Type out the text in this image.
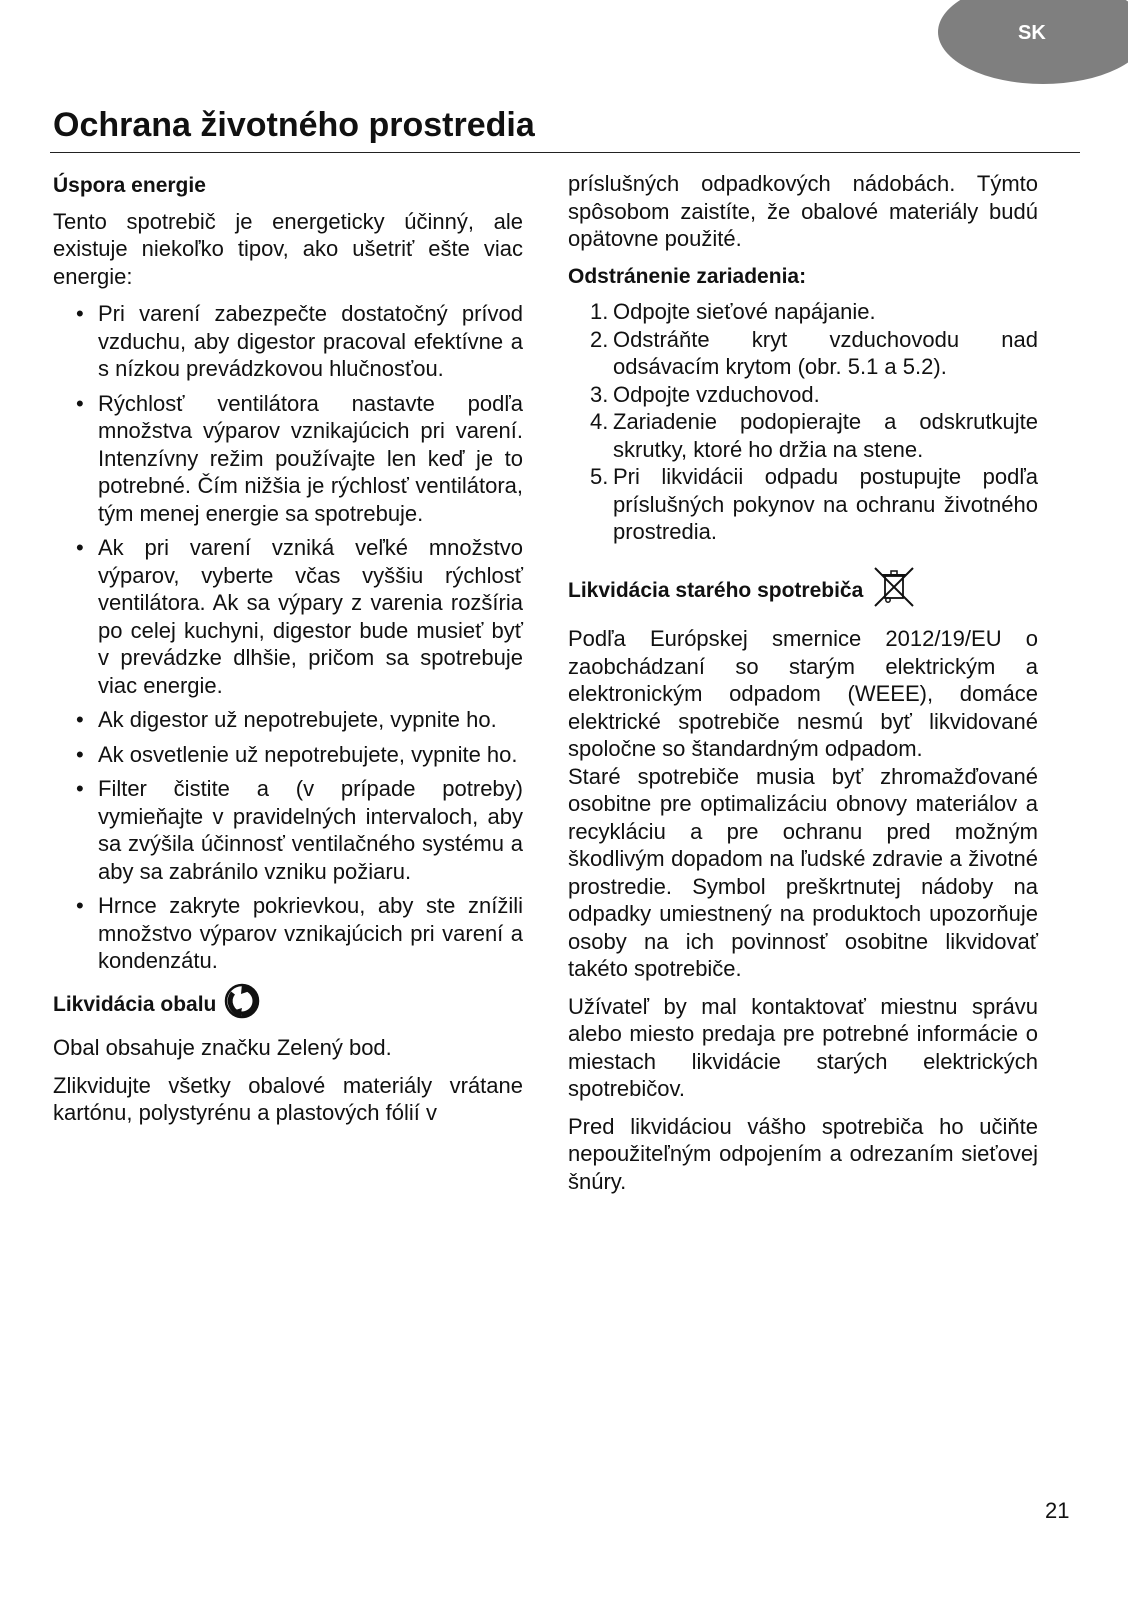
SK
Ochrana životného prostredia
Úspora energie

Tento spotrebič je energeticky účinný, ale existuje niekoľko tipov, ako ušetriť ešte viac energie:

• Pri varení zabezpečte dostatočný prívod vzduchu, aby digestor pracoval efektívne a s nízkou prevádzkovou hlučnosťou.
• Rýchlosť ventilátora nastavte podľa množstva výparov vznikajúcich pri varení. Intenzívny režim používajte len keď je to potrebné. Čím nižšia je rýchlosť ventilátora, tým menej energie sa spotrebuje.
• Ak pri varení vzniká veľké množstvo výparov, vyberte včas vyššiu rýchlosť ventilátora. Ak sa výpary z varenia rozšíria po celej kuchyni, digestor bude musieť byť v prevádzke dlhšie, pričom sa spotrebuje viac energie.
• Ak digestor už nepotrebujete, vypnite ho.
• Ak osvetlenie už nepotrebujete, vypnite ho.
• Filter čistite a (v prípade potreby) vymieňajte v pravidelných intervaloch, aby sa zvýšila účinnosť ventilačného systému a aby sa zabránilo vzniku požiaru.
• Hrnce zakryte pokrievkou, aby ste znížili množstvo výparov vznikajúcich pri varení a kondenzátu.
Likvidácia obalu

Obal obsahuje značku Zelený bod.

Zlikvidujte všetky obalové materiály vrátane kartónu, polystyrénu a plastových fólií v

príslušných odpadkových nádobách. Týmto spôsobom zaistíte, že obalové materiály budú opätovne použité.

Odstránenie zariadenia:
1. Odpojte sieťové napájanie.
2. Odstráňte kryt vzduchovodu nad odsávacím krytom (obr. 5.1 a 5.2).
3. Odpojte vzduchovod.
4. Zariadenie podopierajte a odskrutkujte skrutky, ktoré ho držia na stene.
5. Pri likvidácii odpadu postupujte podľa príslušných pokynov na ochranu životného prostredia.
Likvidácia starého spotrebiča

Podľa Európskej smernice 2012/19/EU o zaobchádzaní so starým elektrickým a elektronickým odpadom (WEEE), domáce elektrické spotrebiče nesmú byť likvidované spoločne so štandardným odpadom.

Staré spotrebiče musia byť zhromažďované osobitne pre optimalizáciu obnovy materiálov a recykláciu a pre ochranu pred možným škodlivým dopadom na ľudské zdravie a životné prostredie. Symbol preškrtnutej nádoby na odpadky umiestnený na produktoch upozorňuje osoby na ich povinnosť osobitne likvidovať takéto spotrebiče.

Užívateľ by mal kontaktovať miestnu správu alebo miesto predaja pre potrebné informácie o miestach likvidácie starých elektrických spotrebičov.

Pred likvidáciou vášho spotrebiča ho učiňte nepoužiteľným odpojením a odrezaním sieťovej šnúry.

21
